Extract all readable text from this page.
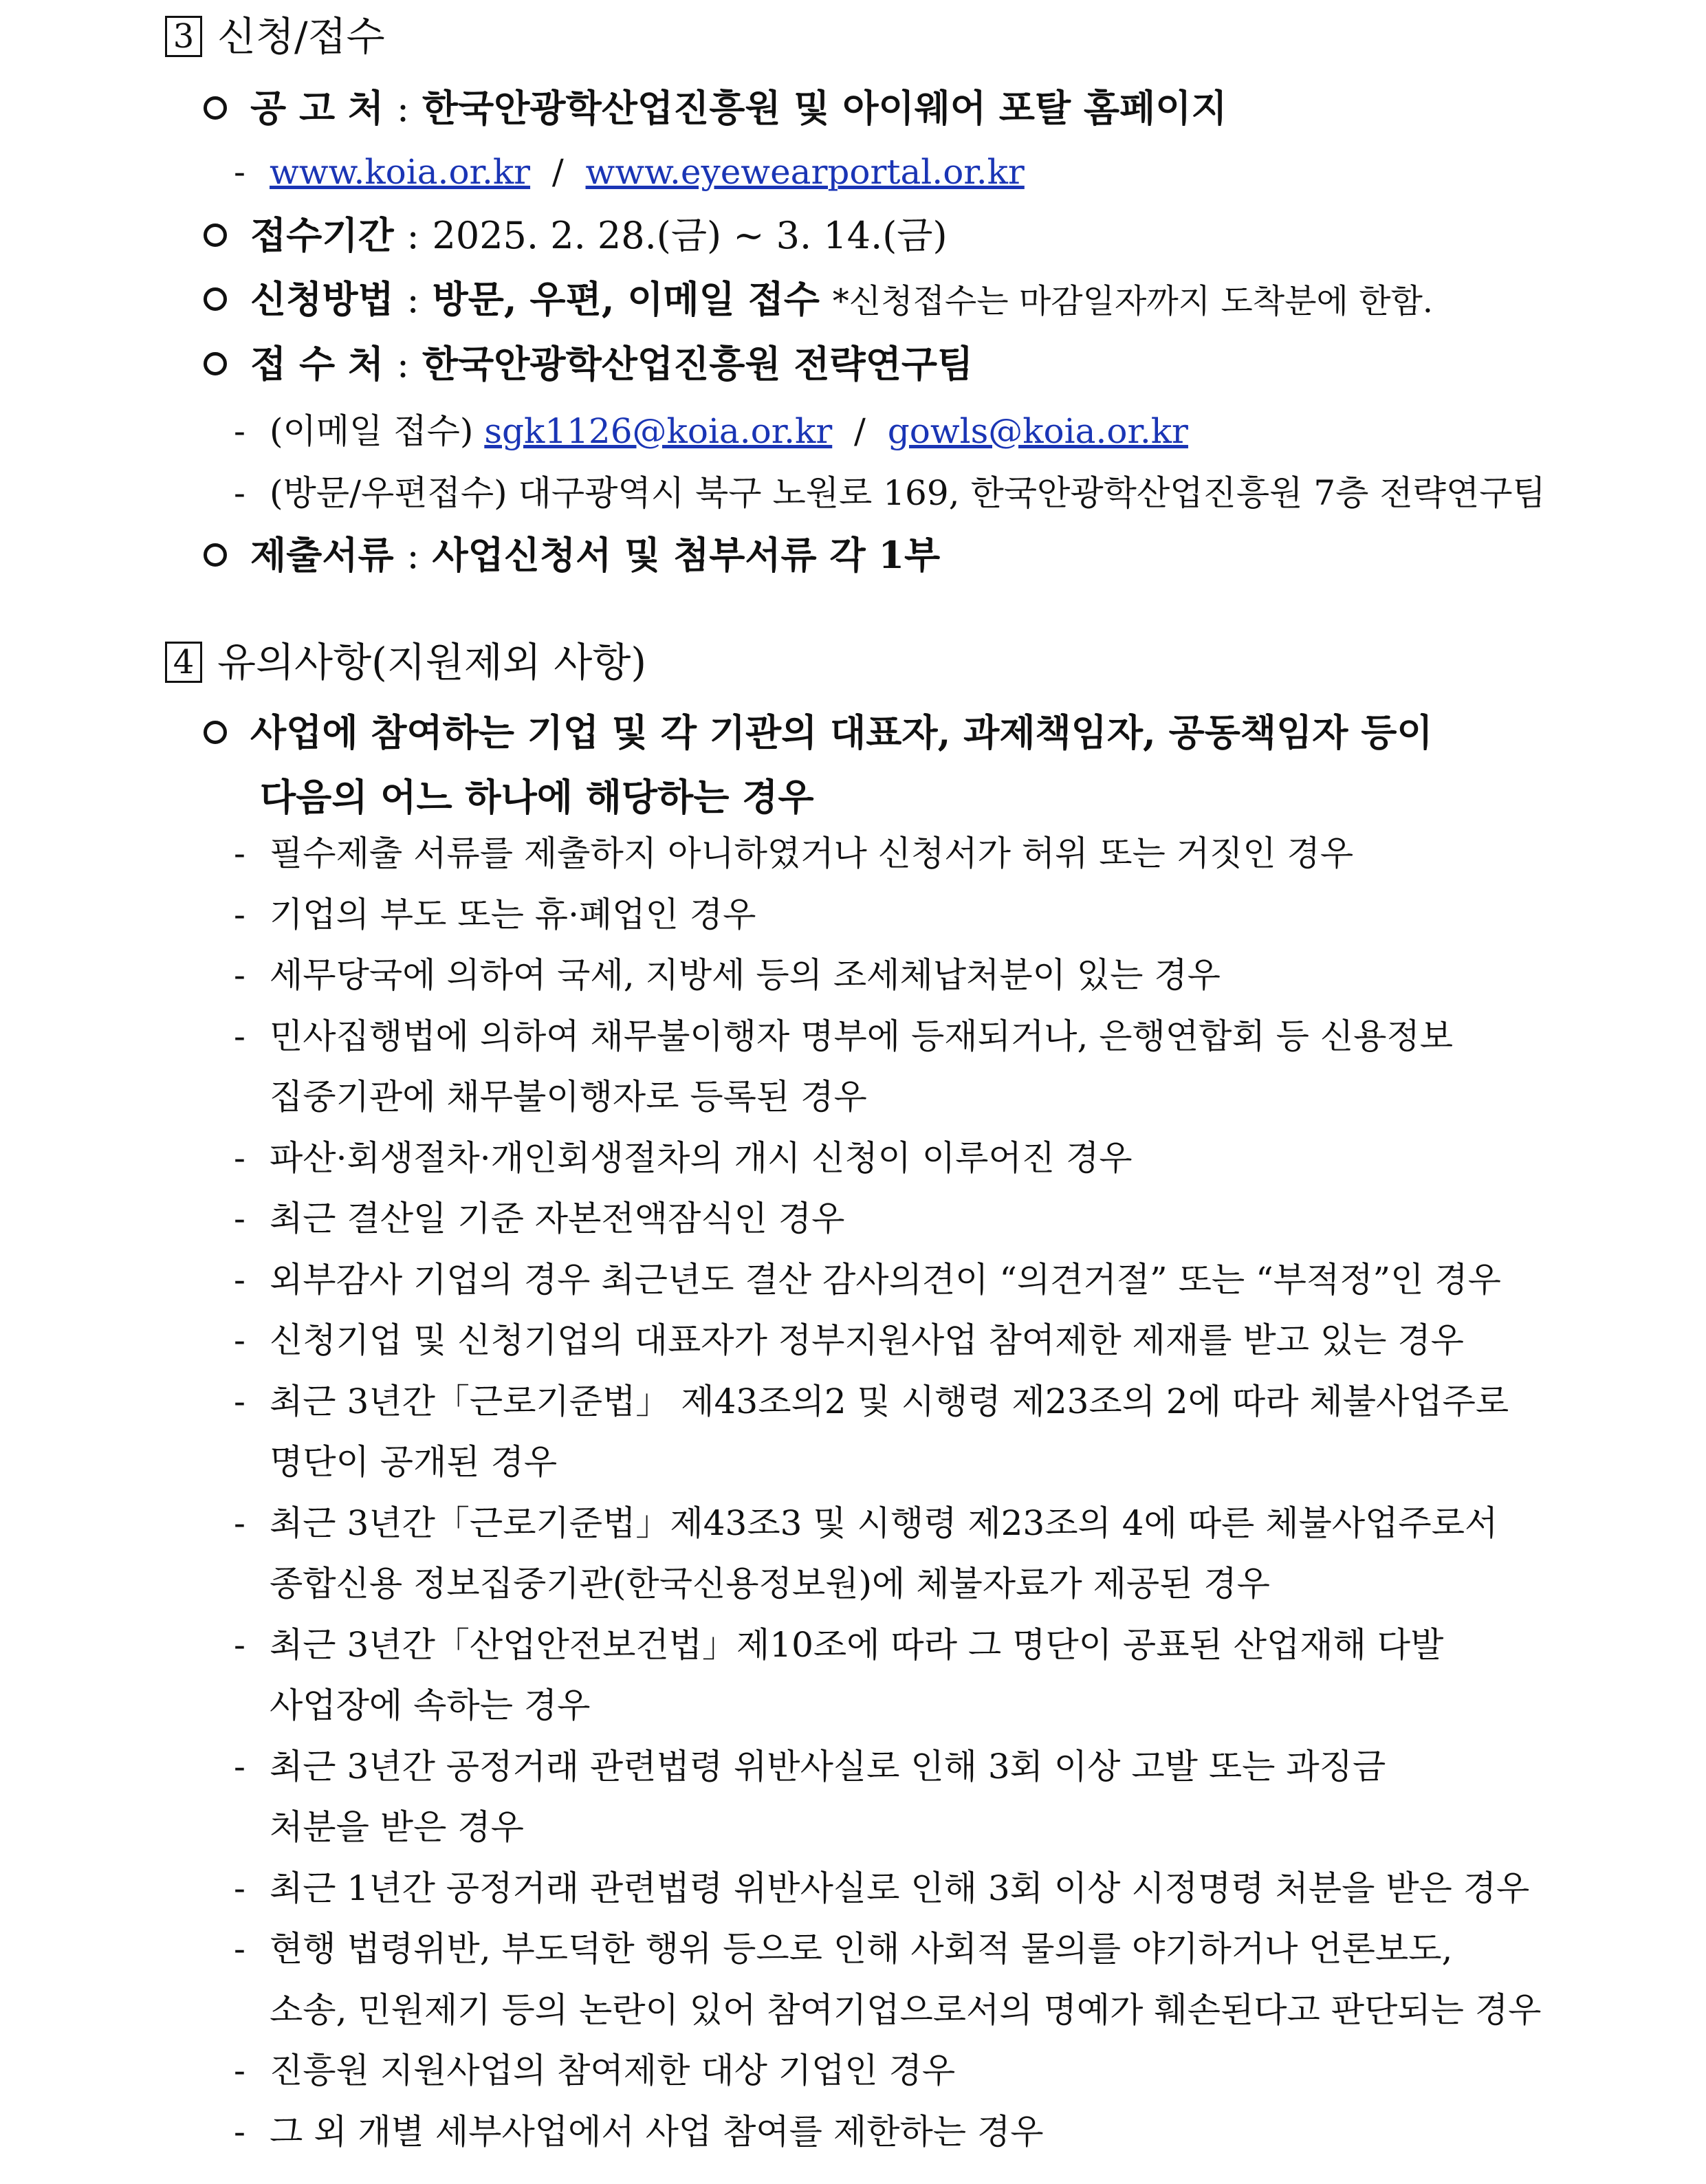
3 신청/접수
공 고 처 : 한국안광학산업진흥원 및 아이웨어 포탈 홈페이지
- www.koia.or.kr / www.eyewearportal.or.kr
접수기간 : 2025. 2. 28.(금) ~ 3. 14.(금)
신청방법 : 방문, 우편, 이메일 접수 *신청접수는 마감일자까지 도착분에 한함.
접 수 처 : 한국안광학산업진흥원 전략연구팀
- (이메일 접수) sgk1126@koia.or.kr / gowls@koia.or.kr
- (방문/우편접수) 대구광역시 북구 노원로 169, 한국안광학산업진흥원 7층 전략연구팀
제출서류 : 사업신청서 및 첨부서류 각 1부
4 유의사항(지원제외 사항)
사업에 참여하는 기업 및 각 기관의 대표자, 과제책임자, 공동책임자 등이
다음의 어느 하나에 해당하는 경우
- 필수제출 서류를 제출하지 아니하였거나 신청서가 허위 또는 거짓인 경우
- 기업의 부도 또는 휴·폐업인 경우
- 세무당국에 의하여 국세, 지방세 등의 조세체납처분이 있는 경우
- 민사집행법에 의하여 채무불이행자 명부에 등재되거나, 은행연합회 등 신용정보
집중기관에 채무불이행자로 등록된 경우
- 파산·회생절차·개인회생절차의 개시 신청이 이루어진 경우
- 최근 결산일 기준 자본전액잠식인 경우
- 외부감사 기업의 경우 최근년도 결산 감사의견이 “의견거절” 또는 “부적정”인 경우
- 신청기업 및 신청기업의 대표자가 정부지원사업 참여제한 제재를 받고 있는 경우
- 최근 3년간「근로기준법」 제43조의2 및 시행령 제23조의 2에 따라 체불사업주로
명단이 공개된 경우
- 최근 3년간「근로기준법」제43조3 및 시행령 제23조의 4에 따른 체불사업주로서
종합신용 정보집중기관(한국신용정보원)에 체불자료가 제공된 경우
- 최근 3년간「산업안전보건법」제10조에 따라 그 명단이 공표된 산업재해 다발
사업장에 속하는 경우
- 최근 3년간 공정거래 관련법령 위반사실로 인해 3회 이상 고발 또는 과징금
처분을 받은 경우
- 최근 1년간 공정거래 관련법령 위반사실로 인해 3회 이상 시정명령 처분을 받은 경우
- 현행 법령위반, 부도덕한 행위 등으로 인해 사회적 물의를 야기하거나 언론보도,
소송, 민원제기 등의 논란이 있어 참여기업으로서의 명예가 훼손된다고 판단되는 경우
- 진흥원 지원사업의 참여제한 대상 기업인 경우
- 그 외 개별 세부사업에서 사업 참여를 제한하는 경우
